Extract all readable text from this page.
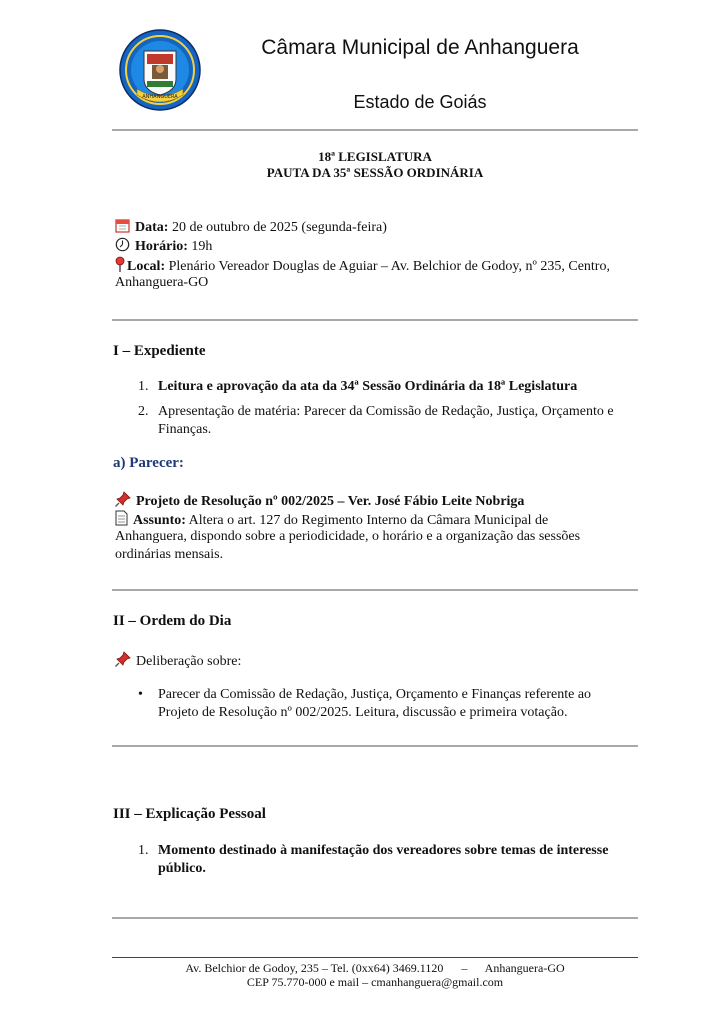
ANHANGUERA
Câmara Municipal de Anhanguera
Estado de Goiás
18ª LEGISLATURA
PAUTA DA 35ª SESSÃO ORDINÁRIA
Data: 20 de outubro de 2025 (segunda-feira)
Horário: 19h
Local: Plenário Vereador Douglas de Aguiar – Av. Belchior de Godoy, nº 235, Centro,
Anhanguera-GO
I – Expediente
1. Leitura e aprovação da ata da 34ª Sessão Ordinária da 18ª Legislatura
2. Apresentação de matéria: Parecer da Comissão de Redação, Justiça, Orçamento e
Finanças.
a) Parecer:
Projeto de Resolução nº 002/2025 – Ver. José Fábio Leite Nobriga
Assunto: Altera o art. 127 do Regimento Interno da Câmara Municipal de
Anhanguera, dispondo sobre a periodicidade, o horário e a organização das sessões
ordinárias mensais.
II – Ordem do Dia
Deliberação sobre:
• Parecer da Comissão de Redação, Justiça, Orçamento e Finanças referente ao
Projeto de Resolução nº 002/2025. Leitura, discussão e primeira votação.
III – Explicação Pessoal
1. Momento destinado à manifestação dos vereadores sobre temas de interesse
público.
Av. Belchior de Godoy, 235 – Tel. (0xx64) 3469.1120      –      Anhanguera-GO
CEP 75.770-000 e mail – cmanhanguera@gmail.com
